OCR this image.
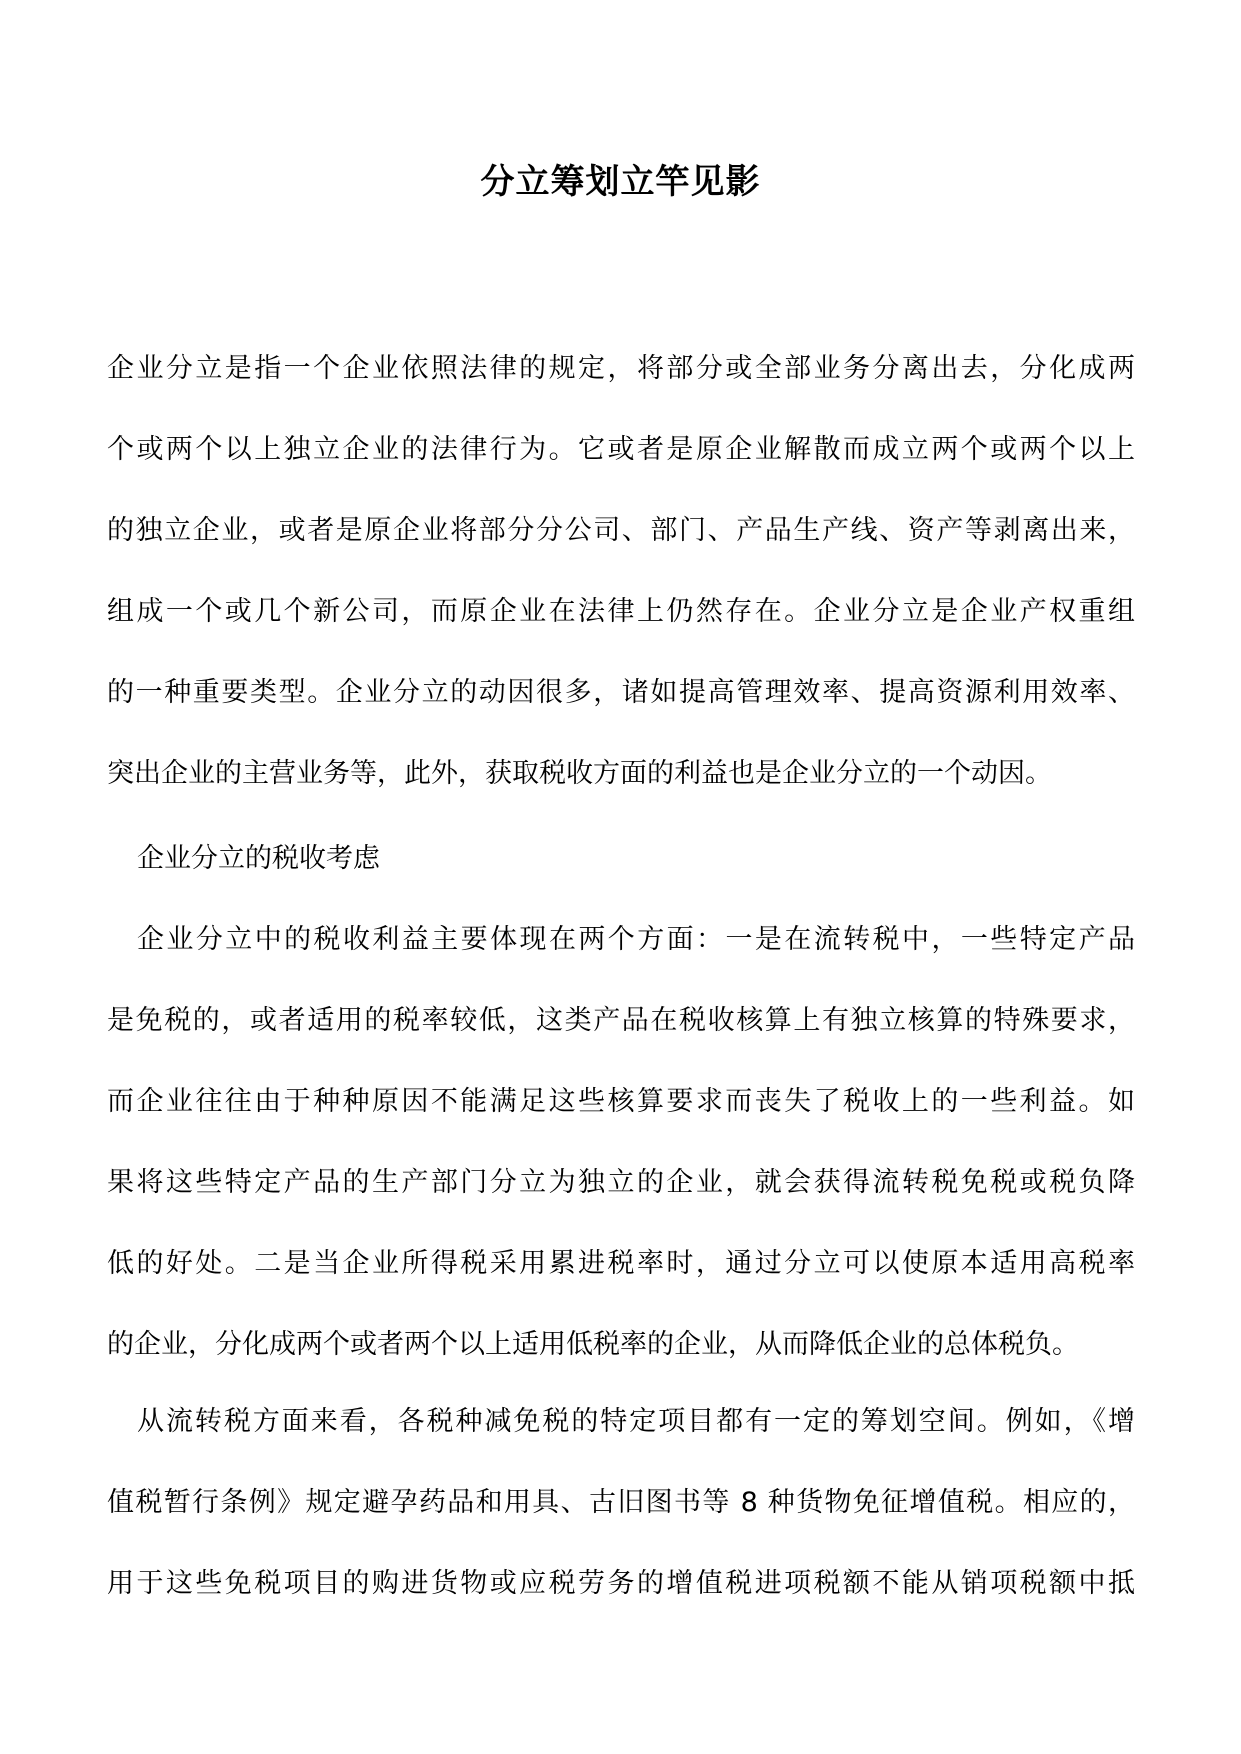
分立筹划立竿见影
企业分立是指一个企业依照法律的规定，将部分或全部业务分离出去，分化成两
个或两个以上独立企业的法律行为。它或者是原企业解散而成立两个或两个以上
的独立企业，或者是原企业将部分分公司、部门、产品生产线、资产等剥离出来，
组成一个或几个新公司，而原企业在法律上仍然存在。企业分立是企业产权重组
的一种重要类型。企业分立的动因很多，诸如提高管理效率、提高资源利用效率、
突出企业的主营业务等，此外，获取税收方面的利益也是企业分立的一个动因。
企业分立的税收考虑
企业分立中的税收利益主要体现在两个方面：一是在流转税中，一些特定产品
是免税的，或者适用的税率较低，这类产品在税收核算上有独立核算的特殊要求，
而企业往往由于种种原因不能满足这些核算要求而丧失了税收上的一些利益。如
果将这些特定产品的生产部门分立为独立的企业，就会获得流转税免税或税负降
低的好处。二是当企业所得税采用累进税率时，通过分立可以使原本适用高税率
的企业，分化成两个或者两个以上适用低税率的企业，从而降低企业的总体税负。
从流转税方面来看，各税种减免税的特定项目都有一定的筹划空间。例如，《增
值税暂行条例》规定避孕药品和用具、古旧图书等 8 种货物免征增值税。相应的，
用于这些免税项目的购进货物或应税劳务的增值税进项税额不能从销项税额中抵
